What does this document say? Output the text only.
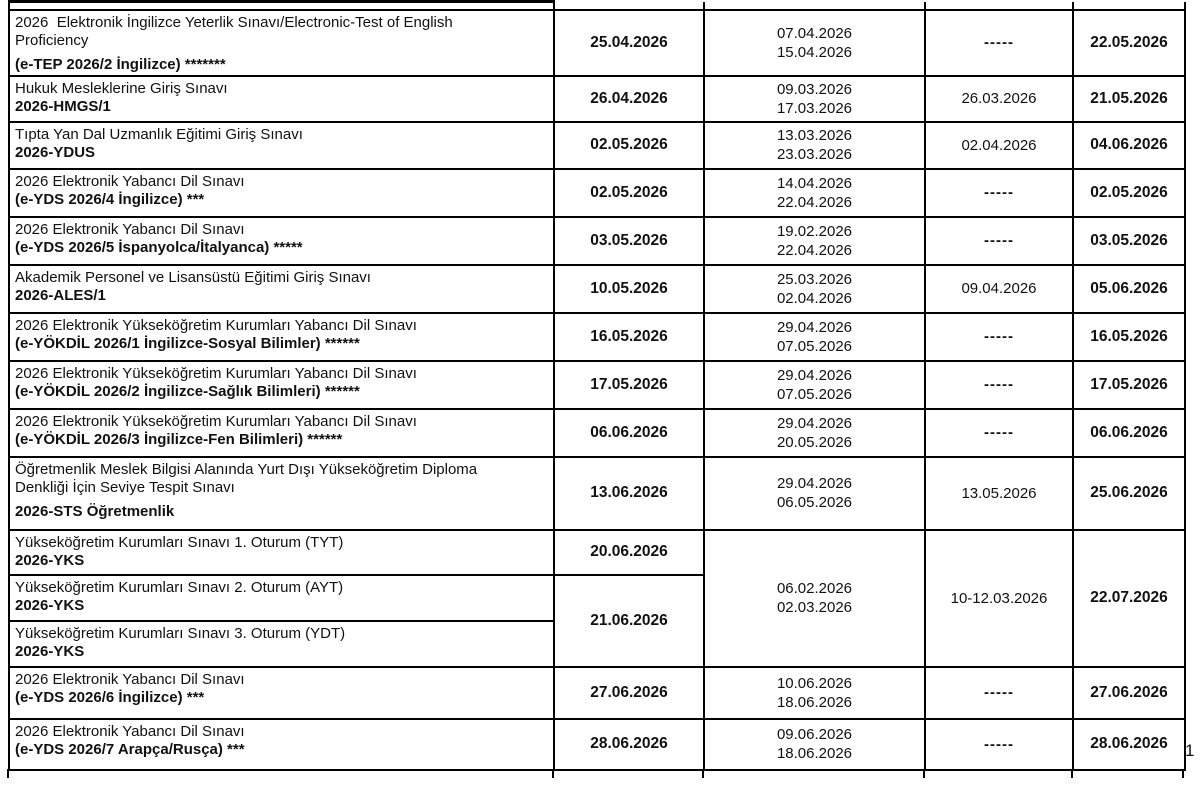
2026  Elektronik İngilizce Yeterlik Sınavı/Electronic-Test of English
Proficiency
(e-TEP 2026/2 İngilizce) *******	25.04.2026	07.04.2026
15.04.2026	-----	22.05.2026

Hukuk Mesleklerine Giriş Sınavı
2026-HMGS/1	26.04.2026	09.03.2026
17.03.2026	26.03.2026	21.05.2026

Tıpta Yan Dal Uzmanlık Eğitimi Giriş Sınavı
2026-YDUS	02.05.2026	13.03.2026
23.03.2026	02.04.2026	04.06.2026

2026 Elektronik Yabancı Dil Sınavı
(e-YDS 2026/4 İngilizce) ***	02.05.2026	14.04.2026
22.04.2026	-----	02.05.2026

2026 Elektronik Yabancı Dil Sınavı
(e-YDS 2026/5 İspanyolca/İtalyanca) *****	03.05.2026	19.02.2026
22.04.2026	-----	03.05.2026

Akademik Personel ve Lisansüstü Eğitimi Giriş Sınavı
2026-ALES/1	10.05.2026	25.03.2026
02.04.2026	09.04.2026	05.06.2026

2026 Elektronik Yükseköğretim Kurumları Yabancı Dil Sınavı
(e-YÖKDİL 2026/1 İngilizce-Sosyal Bilimler) ******	16.05.2026	29.04.2026
07.05.2026	-----	16.05.2026

2026 Elektronik Yükseköğretim Kurumları Yabancı Dil Sınavı
(e-YÖKDİL 2026/2 İngilizce-Sağlık Bilimleri) ******	17.05.2026	29.04.2026
07.05.2026	-----	17.05.2026

2026 Elektronik Yükseköğretim Kurumları Yabancı Dil Sınavı
(e-YÖKDİL 2026/3 İngilizce-Fen Bilimleri) ******	06.06.2026	29.04.2026
20.05.2026	-----	06.06.2026

Öğretmenlik Meslek Bilgisi Alanında Yurt Dışı Yükseköğretim Diploma
Denkliği İçin Seviye Tespit Sınavı
2026-STS Öğretmenlik	13.06.2026	29.04.2026
06.05.2026	13.05.2026	25.06.2026

Yükseköğretim Kurumları Sınavı 1. Oturum (TYT)
2026-YKS	20.06.2026	06.02.2026
02.03.2026	10-12.03.2026	22.07.2026

Yükseköğretim Kurumları Sınavı 2. Oturum (AYT)
2026-YKS	21.06.2026			

Yükseköğretim Kurumları Sınavı 3. Oturum (YDT)
2026-YKS				

2026 Elektronik Yabancı Dil Sınavı
(e-YDS 2026/6 İngilizce) ***	27.06.2026	10.06.2026
18.06.2026	-----	27.06.2026

2026 Elektronik Yabancı Dil Sınavı
(e-YDS 2026/7 Arapça/Rusça) ***	28.06.2026	09.06.2026
18.06.2026	-----	28.06.2026 1
